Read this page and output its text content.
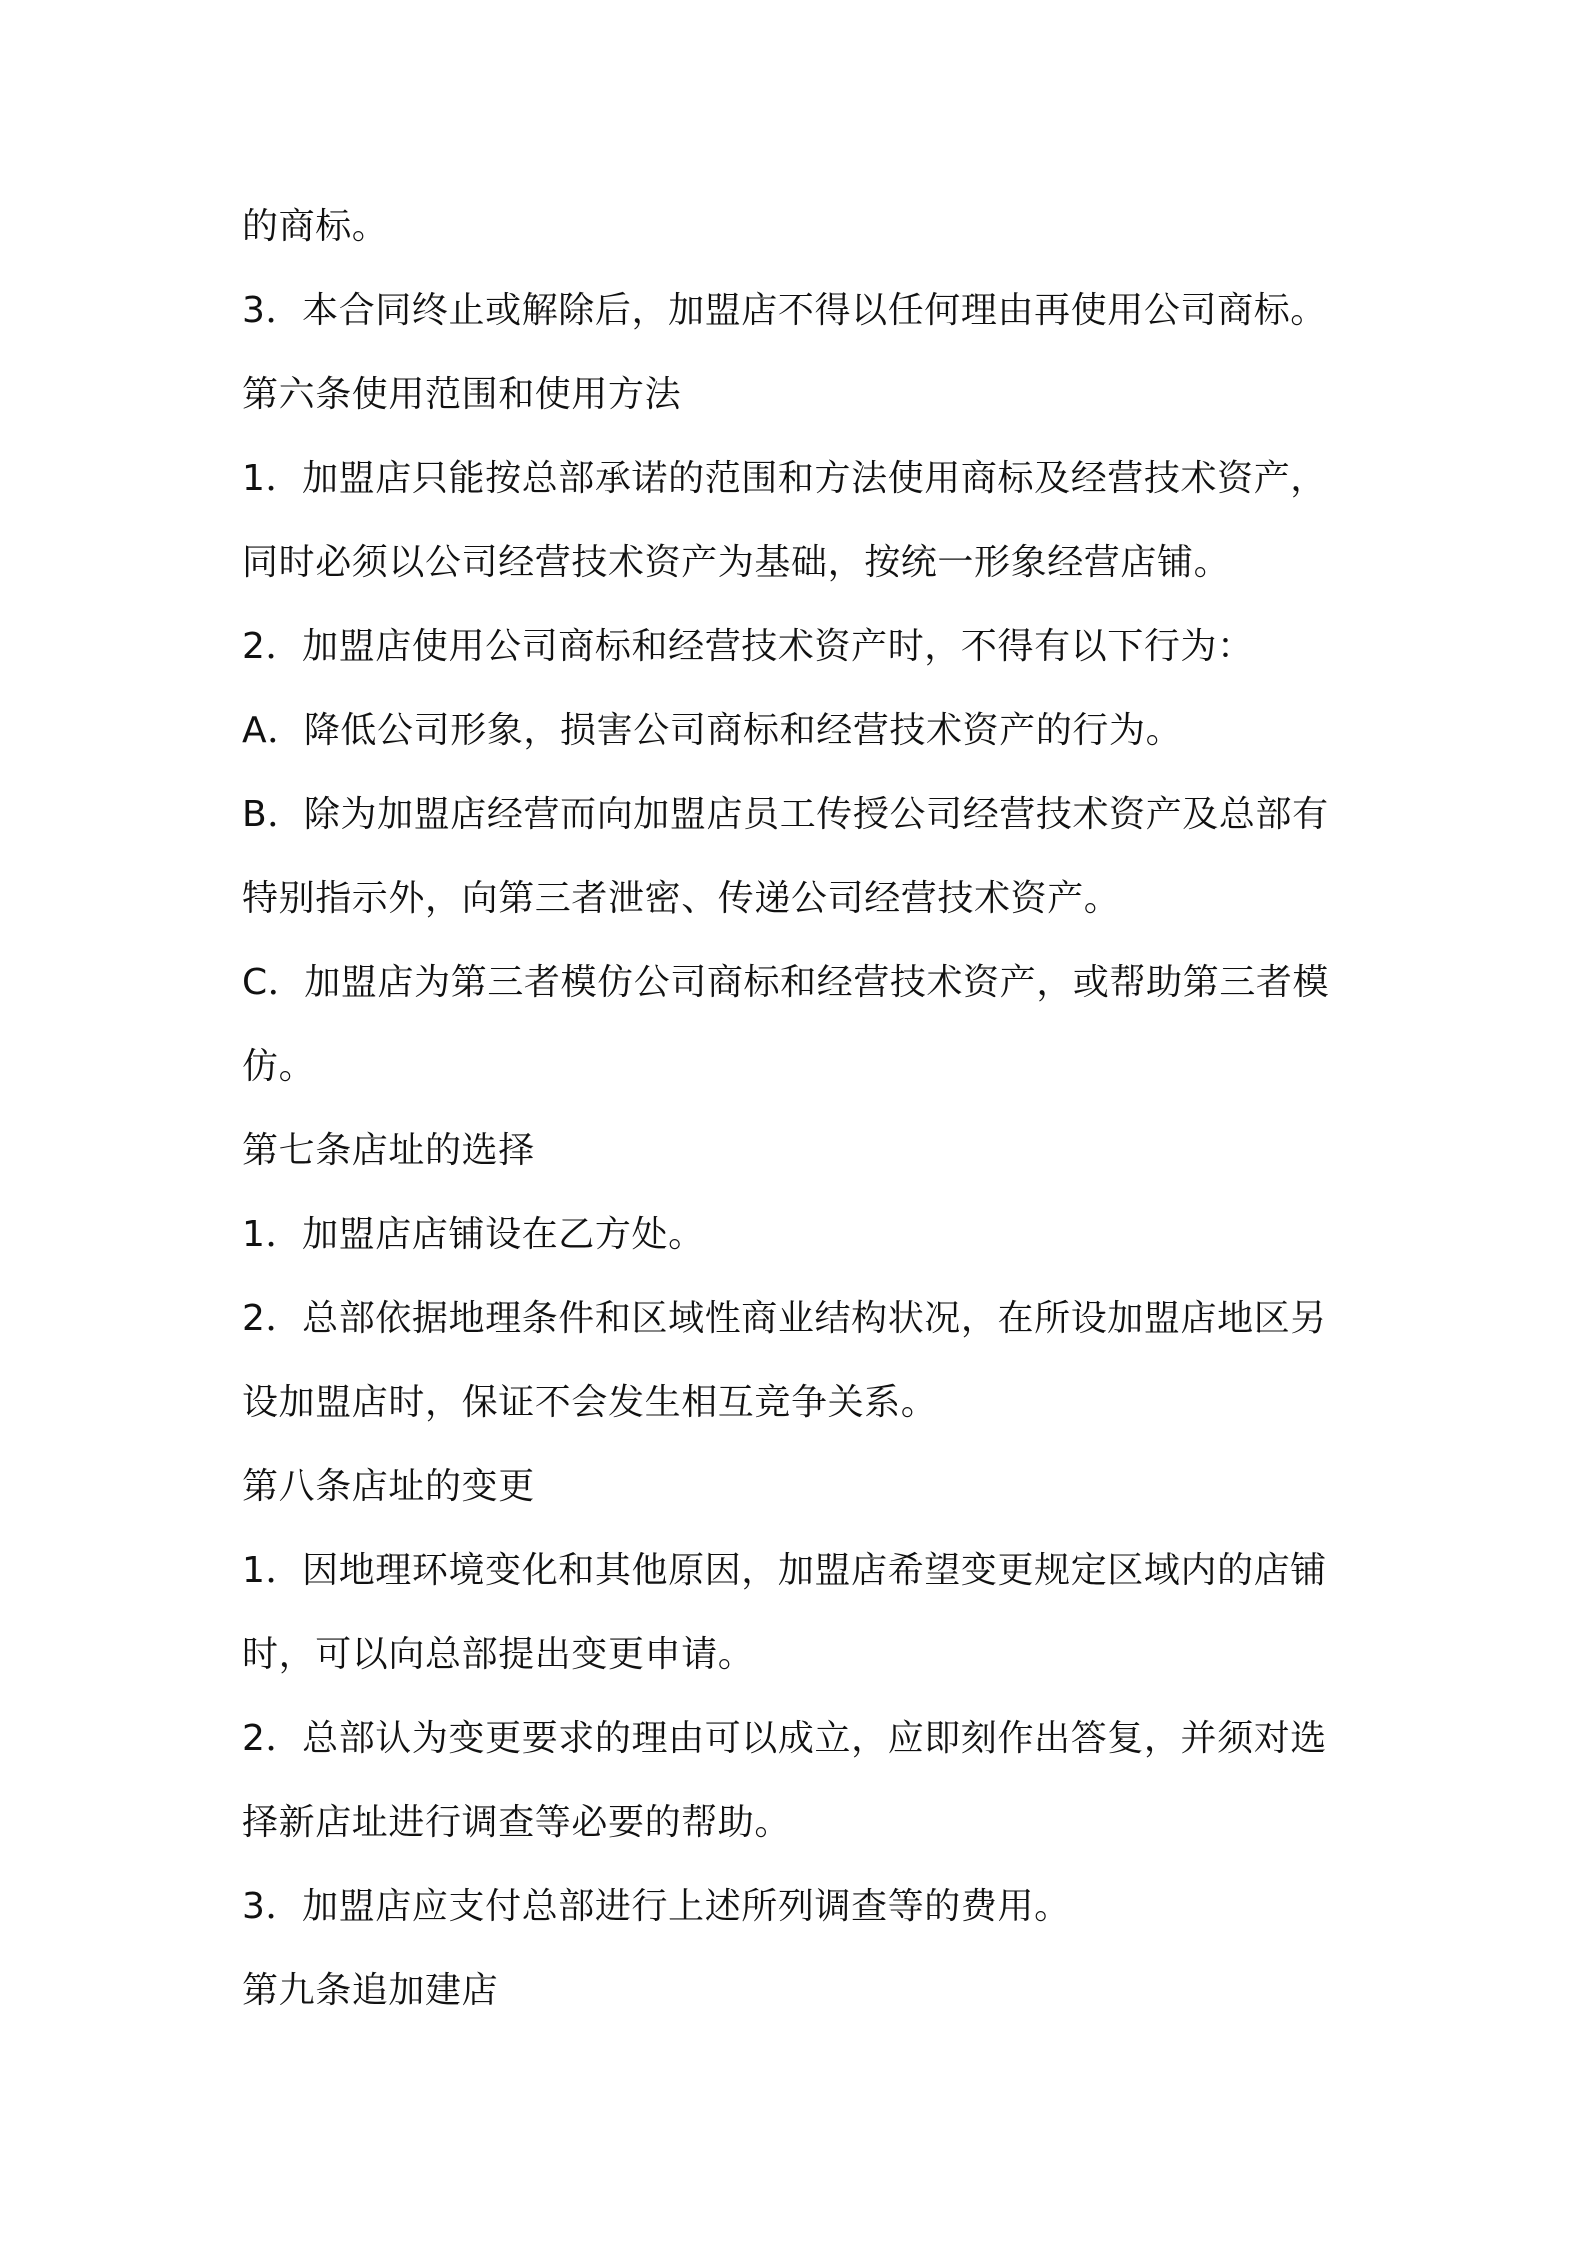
的商标。
3．本合同终止或解除后，加盟店不得以任何理由再使用公司商标。
第六条使用范围和使用方法
1．加盟店只能按总部承诺的范围和方法使用商标及经营技术资产，
同时必须以公司经营技术资产为基础，按统一形象经营店铺。
2．加盟店使用公司商标和经营技术资产时，不得有以下行为：
A．降低公司形象，损害公司商标和经营技术资产的行为。
B．除为加盟店经营而向加盟店员工传授公司经营技术资产及总部有
特别指示外，向第三者泄密、传递公司经营技术资产。
C．加盟店为第三者模仿公司商标和经营技术资产，或帮助第三者模
仿。
第七条店址的选择
1．加盟店店铺设在乙方处。
2．总部依据地理条件和区域性商业结构状况，在所设加盟店地区另
设加盟店时，保证不会发生相互竞争关系。
第八条店址的变更
1．因地理环境变化和其他原因，加盟店希望变更规定区域内的店铺
时，可以向总部提出变更申请。
2．总部认为变更要求的理由可以成立，应即刻作出答复，并须对选
择新店址进行调查等必要的帮助。
3．加盟店应支付总部进行上述所列调查等的费用。
第九条追加建店
